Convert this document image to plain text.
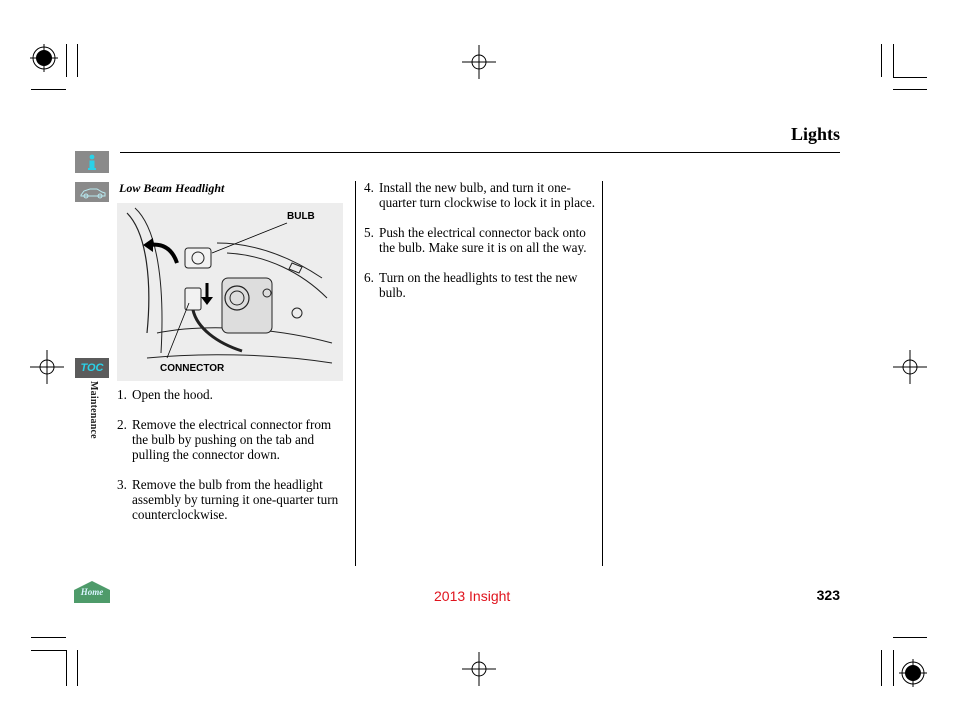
Lights
TOC
Maintenance
Home
Low Beam Headlight
BULB
CONNECTOR
1. Open the hood.
2. Remove the electrical connector from the bulb by pushing on the tab and pulling the connector down.
3. Remove the bulb from the headlight assembly by turning it one-quarter turn counterclockwise.
4. Install the new bulb, and turn it one-quarter turn clockwise to lock it in place.
5. Push the electrical connector back onto the bulb. Make sure it is on all the way.
6. Turn on the headlights to test the new bulb.
2013 Insight	323
